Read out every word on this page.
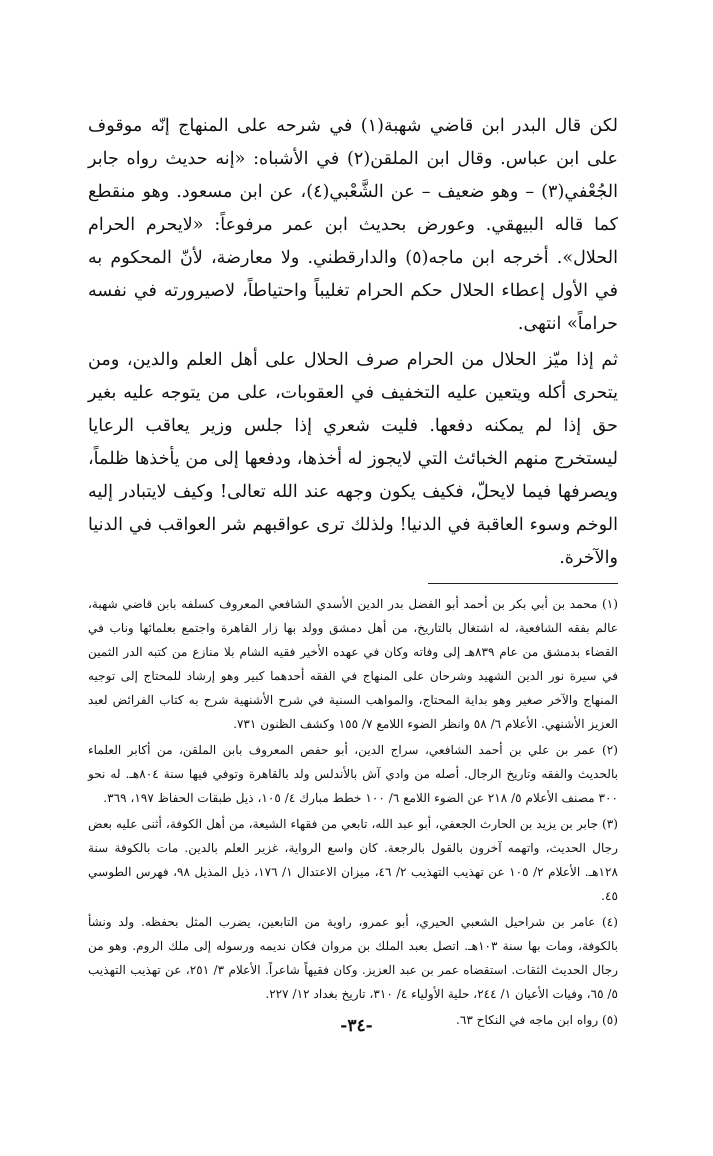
لكن قال البدر ابن قاضي شهبة(١) في شرحه على المنهاج إنّه موقوف على ابن عباس. وقال ابن الملقن(٢) في الأشباه: «إنه حديث رواه جابر الجُعْفي(٣) – وهو ضعيف – عن الشَّعْبي(٤)، عن ابن مسعود. وهو منقطع كما قاله البيهقي. وعورض بحديث ابن عمر مرفوعاً: «لايحرم الحرام الحلال». أخرجه ابن ماجه(٥) والدارقطني. ولا معارضة، لأنّ المحكوم به في الأول إعطاء الحلال حكم الحرام تغليباً واحتياطاً، لاصيرورته في نفسه حراماً» انتهى.

ثم إذا ميّز الحلال من الحرام صرف الحلال على أهل العلم والدين، ومن يتحرى أكله ويتعين عليه التخفيف في العقوبات، على من يتوجه عليه بغير حق إذا لم يمكنه دفعها. فليت شعري إذا جلس وزير يعاقب الرعايا ليستخرج منهم الخبائث التي لايجوز له أخذها، ودفعها إلى من يأخذها ظلماً، ويصرفها فيما لايحلّ، فكيف يكون وجهه عند الله تعالى! وكيف لايتبادر إليه الوخم وسوء العاقبة في الدنيا! ولذلك ترى عواقبهم شر العواقب في الدنيا والآخرة.

(١) محمد بن أبي بكر بن أحمد أبو الفضل بدر الدين الأسدي الشافعي المعروف كسلفه بابن قاضي شهبة، عالم بفقه الشافعية، له اشتغال بالتاريخ، من أهل دمشق وولد بها زار القاهرة واجتمع بعلمائها وناب في القضاء بدمشق من عام ٨٣٩هـ إلى وفاته وكان في عهده الأخير فقيه الشام بلا منازع من كتبه الدر الثمين في سيرة نور الدين الشهيد وشرحان على المنهاج في الفقه أحدهما كبير وهو إرشاد للمحتاج إلى توجيه المنهاج والآخر صغير وهو بداية المحتاج، والمواهب السنية في شرح الأشنهية شرح به كتاب الفرائض لعبد العزيز الأشنهي. الأعلام ٦/ ٥٨ وانظر الضوء اللامع ٧/ ١٥٥ وكشف الظنون ٧٣١.

(٢) عمر بن علي بن أحمد الشافعي، سراج الدين، أبو حفص المعروف بابن الملقن، من أكابر العلماء بالحديث والفقه وتاريخ الرجال. أصله من وادي آش بالأندلس ولد بالقاهرة وتوفي فيها سنة ٨٠٤هـ. له نحو ٣٠٠ مصنف الأعلام ٥/ ٢١٨ عن الضوء اللامع ٦/ ١٠٠ خطط مبارك ٤/ ١٠٥، ذيل طبقات الحفاظ ١٩٧، ٣٦٩.

(٣) جابر بن يزيد بن الحارث الجعفي، أبو عبد الله، تابعي من فقهاء الشيعة، من أهل الكوفة، أثنى عليه بعض رجال الحديث، واتهمه آخرون بالقول بالرجعة. كان واسع الرواية، غزير العلم بالدين. مات بالكوفة سنة ١٢٨هـ. الأعلام ٢/ ١٠٥ عن تهذيب التهذيب ٢/ ٤٦، ميزان الاعتدال ١/ ١٧٦، ذيل المذيل ٩٨، فهرس الطوسي ٤٥.

(٤) عامر بن شراحيل الشعبي الحيري، أبو عمرو، راوية من التابعين، يضرب المثل بحفظه. ولد ونشأ بالكوفة، ومات بها سنة ١٠٣هـ. اتصل بعبد الملك بن مروان فكان نديمه ورسوله إلى ملك الروم. وهو من رجال الحديث الثقات. استقضاه عمر بن عبد العزيز. وكان فقيهاً شاعراً. الأعلام ٣/ ٢٥١، عن تهذيب التهذيب ٥/ ٦٥، وفيات الأعيان ١/ ٢٤٤، حلية الأولياء ٤/ ٣١٠، تاريخ بغداد ١٢/ ٢٢٧.

(٥) رواه ابن ماجه في النكاح ٦٣.

-٣٤-
